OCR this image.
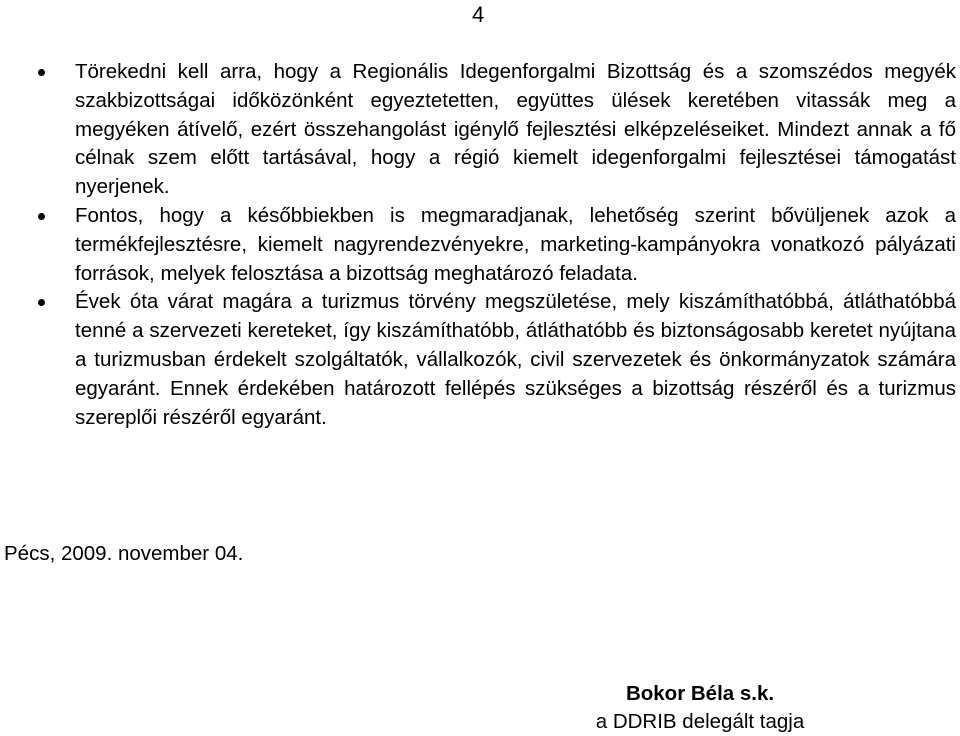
4
Törekedni kell arra, hogy a Regionális Idegenforgalmi Bizottság és a szomszédos megyék szakbizottságai időközönként egyeztetetten, együttes ülések keretében vitassák meg a megyéken átívelő, ezért összehangolást igénylő fejlesztési elképzeléseiket. Mindezt annak a fő célnak szem előtt tartásával, hogy a régió kiemelt idegenforgalmi fejlesztései támogatást nyerjenek.
Fontos, hogy a későbbiekben is megmaradjanak, lehetőség szerint bővüljenek azok a termékfejlesztésre, kiemelt nagyrendezvényekre, marketing-kampányokra vonatkozó pályázati források, melyek felosztása a bizottság meghatározó feladata.
Évek óta várat magára a turizmus törvény megszületése, mely kiszámíthatóbbá, átláthatóbbá tenné a szervezeti kereteket, így kiszámíthatóbb, átláthatóbb és biztonságosabb keretet nyújtana a turizmusban érdekelt szolgáltatók, vállalkozók, civil szervezetek és önkormányzatok számára egyaránt. Ennek érdekében határozott fellépés szükséges a bizottság részéről és a turizmus szereplői részéről egyaránt.
Pécs, 2009. november 04.
Bokor Béla s.k.
a DDRIB delegált tagja
